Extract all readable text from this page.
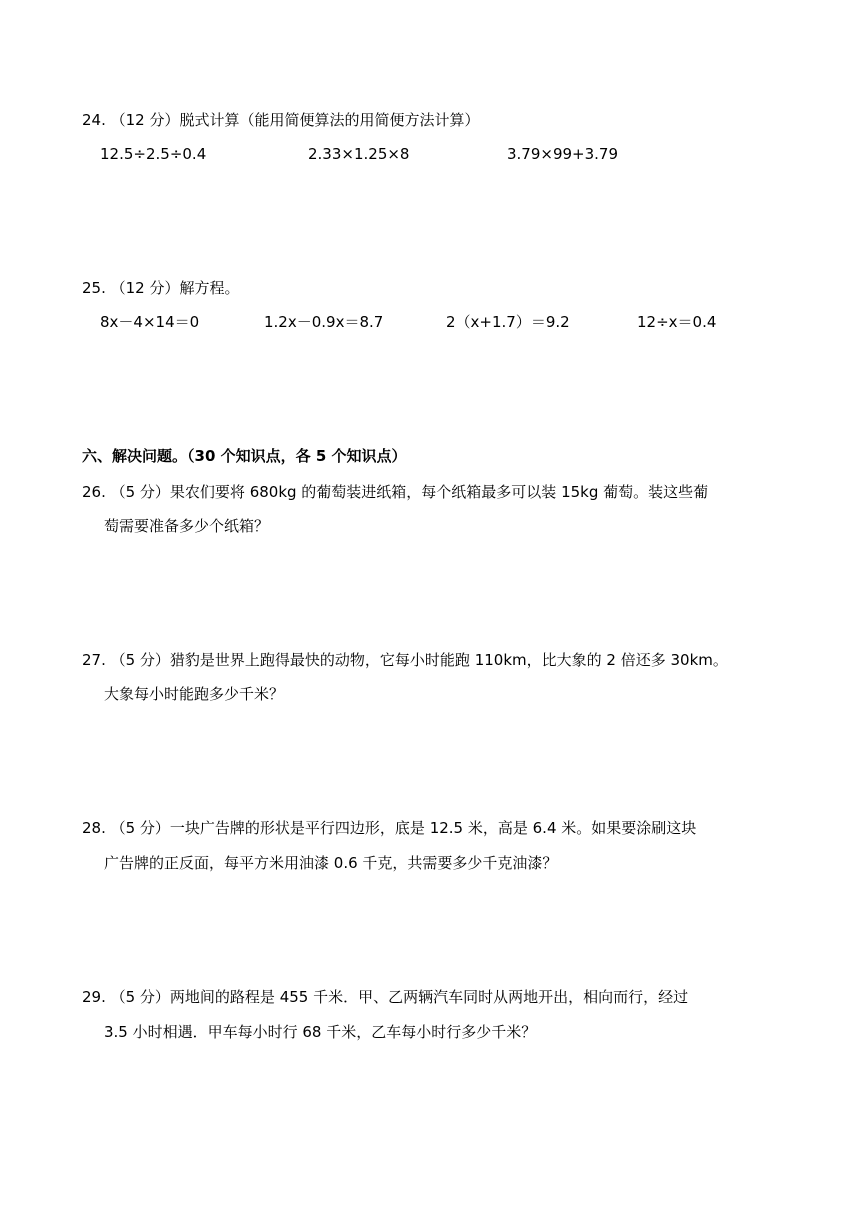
24. （12 分）脱式计算（能用简便算法的用简便方法计算）
12.5÷2.5÷0.4	2.33×1.25×8	3.79×99+3.79
25. （12 分）解方程。
8x－4×14＝0	1.2x－0.9x＝8.7	2（x+1.7）＝9.2	12÷x＝0.4
六、解决问题。（30 个知识点，各 5 个知识点）
26. （5 分）果农们要将 680kg 的葡萄装进纸箱，每个纸箱最多可以装 15kg 葡萄。装这些葡
萄需要准备多少个纸箱？
27. （5 分）猎豹是世界上跑得最快的动物，它每小时能跑 110km，比大象的 2 倍还多 30km。
大象每小时能跑多少千米？
28. （5 分）一块广告牌的形状是平行四边形，底是 12.5 米，高是 6.4 米。如果要涂刷这块
广告牌的正反面，每平方米用油漆 0.6 千克，共需要多少千克油漆？
29. （5 分）两地间的路程是 455 千米．甲、乙两辆汽车同时从两地开出，相向而行，经过
3.5 小时相遇．甲车每小时行 68 千米，乙车每小时行多少千米？
